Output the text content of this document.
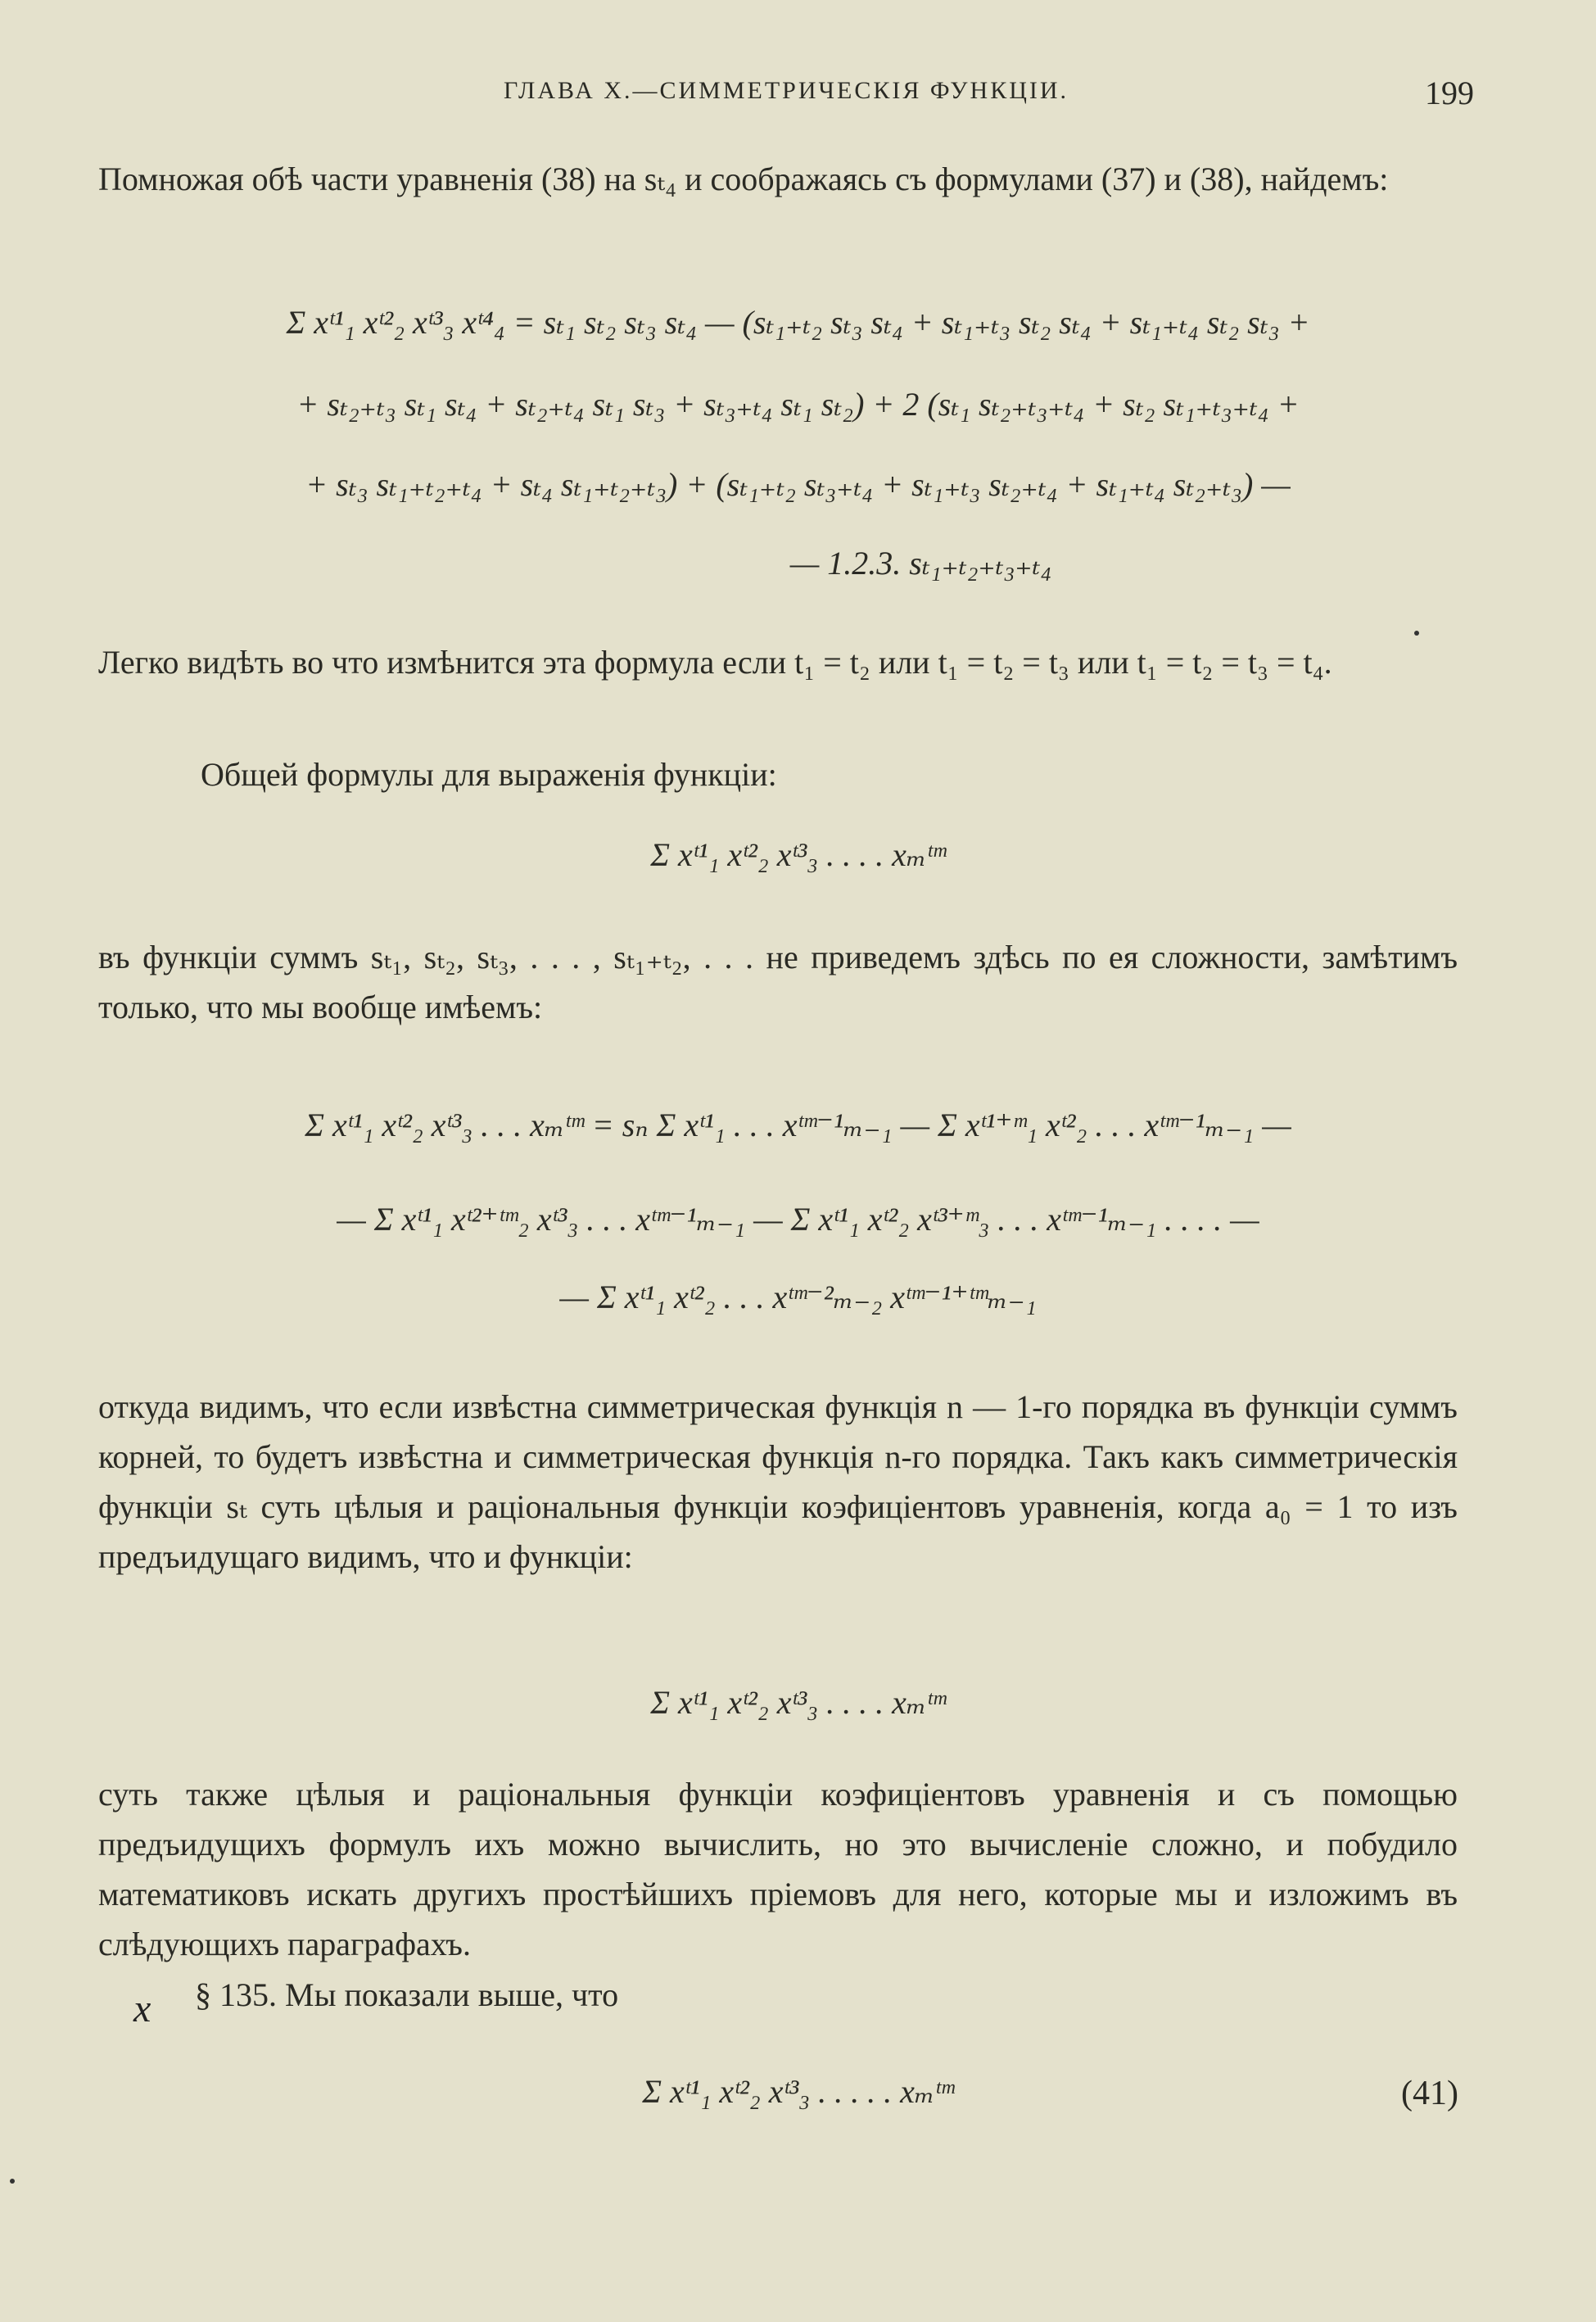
ГЛАВА X.—СИММЕТРИЧЕСКІЯ ФУНКЦІИ.	199
Помножая обѣ части уравненія (38) на sₜ₄ и соображаясь съ формулами (37) и (38), найдемъ:
Σ xᵗ¹₁ xᵗ²₂ xᵗ³₃ xᵗ⁴₄ = sₜ₁ sₜ₂ sₜ₃ sₜ₄ — (sₜ₁₊ₜ₂ sₜ₃ sₜ₄ + sₜ₁₊ₜ₃ sₜ₂ sₜ₄ + sₜ₁₊ₜ₄ sₜ₂ sₜ₃ +
+ sₜ₂₊ₜ₃ sₜ₁ sₜ₄ + sₜ₂₊ₜ₄ sₜ₁ sₜ₃ + sₜ₃₊ₜ₄ sₜ₁ sₜ₂) + 2 (sₜ₁ sₜ₂₊ₜ₃₊ₜ₄ + sₜ₂ sₜ₁₊ₜ₃₊ₜ₄ +
+ sₜ₃ sₜ₁₊ₜ₂₊ₜ₄ + sₜ₄ sₜ₁₊ₜ₂₊ₜ₃) + (sₜ₁₊ₜ₂ sₜ₃₊ₜ₄ + sₜ₁₊ₜ₃ sₜ₂₊ₜ₄ + sₜ₁₊ₜ₄ sₜ₂₊ₜ₃) —
— 1.2.3. sₜ₁₊ₜ₂₊ₜ₃₊ₜ₄
Легко видѣть во что измѣнится эта формула если t₁ = t₂ или t₁ = t₂ = t₃ или t₁ = t₂ = t₃ = t₄.
Общей формулы для выраженія функціи:
Σ xᵗ¹₁ xᵗ²₂ xᵗ³₃ . . . . xₘᵗᵐ
въ функціи суммъ sₜ₁, sₜ₂, sₜ₃, . . . , sₜ₁₊ₜ₂, . . . не приведемъ здѣсь по ея сложности, замѣтимъ только, что мы вообще имѣемъ:
Σ xᵗ¹₁ xᵗ²₂ xᵗ³₃ . . . xₘᵗᵐ = sₙ Σ xᵗ¹₁ . . . xᵗᵐ⁻¹ₘ₋₁ — Σ xᵗ¹⁺ᵐ₁ xᵗ²₂ . . . xᵗᵐ⁻¹ₘ₋₁ —
— Σ xᵗ¹₁ xᵗ²⁺ᵗᵐ₂ xᵗ³₃ . . . xᵗᵐ⁻¹ₘ₋₁ — Σ xᵗ¹₁ xᵗ²₂ xᵗ³⁺ᵐ₃ . . . xᵗᵐ⁻¹ₘ₋₁ . . . . —
— Σ xᵗ¹₁ xᵗ²₂ . . . xᵗᵐ⁻²ₘ₋₂ xᵗᵐ⁻¹⁺ᵗᵐₘ₋₁
откуда видимъ, что если извѣстна симметрическая функція n — 1-го порядка въ функціи суммъ корней, то будетъ извѣстна и симметрическая функція n-го порядка. Такъ какъ симметрическія функціи sₜ суть цѣлыя и раціональныя функціи коэфиціентовъ уравненія, когда a₀ = 1 то изъ предъидущаго видимъ, что и функціи:
Σ xᵗ¹₁ xᵗ²₂ xᵗ³₃ . . . . xₘᵗᵐ
суть также цѣлыя и раціональныя функціи коэфиціентовъ уравненія и съ помощью предъидущихъ формулъ ихъ можно вычислить, но это вычисленіе сложно, и побудило математиковъ искать другихъ простѣйшихъ пріемовъ для него, которые мы и изложимъ въ слѣдующихъ параграфахъ.
x § 135. Мы показали выше, что
Σ xᵗ¹₁ xᵗ²₂ xᵗ³₃ . . . . . xₘᵗᵐ	(41)
